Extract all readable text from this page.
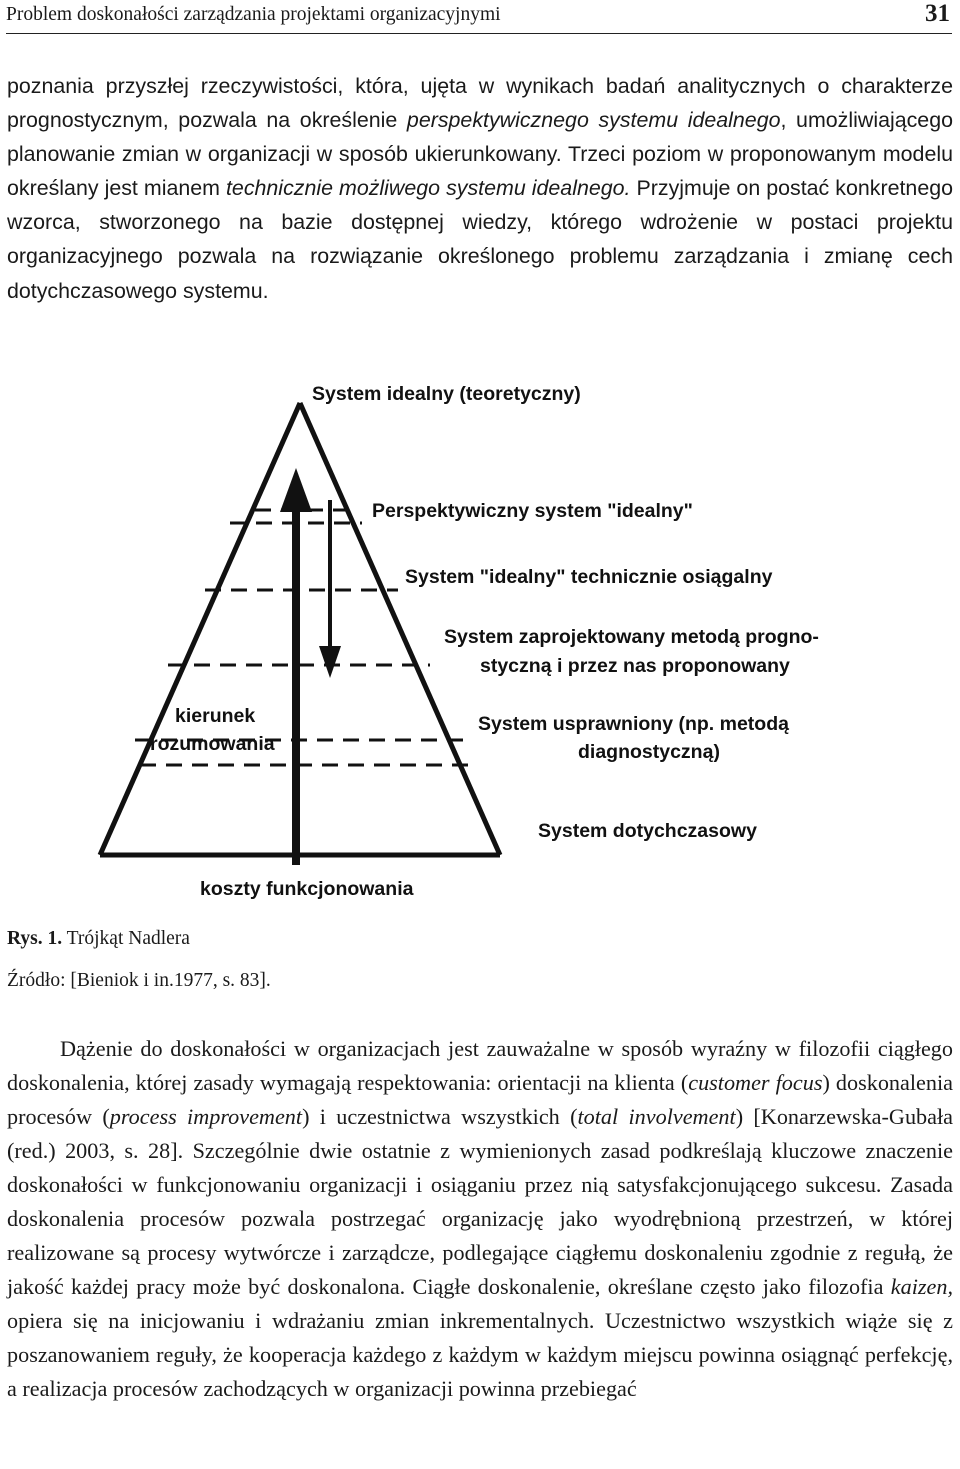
Problem doskonałości zarządzania projektami organizacyjnymi	31

poznania przyszłej rzeczywistości, która, ujęta w wynikach badań analitycznych o charakterze prognostycznym, pozwala na określenie perspektywicznego systemu idealnego, umożliwiającego planowanie zmian w organizacji w sposób ukierunkowany. Trzeci poziom w proponowanym modelu określany jest mianem technicznie możliwego systemu idealnego. Przyjmuje on postać konkretnego wzorca, stworzonego na bazie dostępnej wiedzy, którego wdrożenie w postaci projektu organizacyjnego pozwala na rozwiązanie określonego problemu zarządzania i zmianę cech dotychczasowego systemu.

System idealny (teoretyczny)
Perspektywiczny system "idealny"
System "idealny" technicznie osiągalny
System zaprojektowany metodą progno-
styczną i przez nas proponowany
System usprawniony (np. metodą
diagnostyczną)
System dotychczasowy
kierunek
rozumowania
koszty funkcjonowania
Rys. 1. Trójkąt Nadlera
Źródło: [Bieniok i in.1977, s. 83].

Dążenie do doskonałości w organizacjach jest zauważalne w sposób wyraźny w filozofii ciągłego doskonalenia, której zasady wymagają respektowania: orientacji na klienta (customer focus) doskonalenia procesów (process improvement) i uczestnictwa wszystkich (total involvement) [Konarzewska-Gubała (red.) 2003, s. 28]. Szczególnie dwie ostatnie z wymienionych zasad podkreślają kluczowe znaczenie doskonałości w funkcjonowaniu organizacji i osiąganiu przez nią satysfakcjonującego sukcesu. Zasada doskonalenia procesów pozwala postrzegać organizację jako wyodrębnioną przestrzeń, w której realizowane są procesy wytwórcze i zarządcze, podlegające ciągłemu doskonaleniu zgodnie z regułą, że jakość każdej pracy może być doskonalona. Ciągłe doskonalenie, określane często jako filozofia kaizen, opiera się na inicjowaniu i wdrażaniu zmian inkrementalnych. Uczestnictwo wszystkich wiąże się z poszanowaniem reguły, że kooperacja każdego z każdym w każdym miejscu powinna osiągnąć perfekcję, a realizacja procesów zachodzących w organizacji powinna przebiegać
